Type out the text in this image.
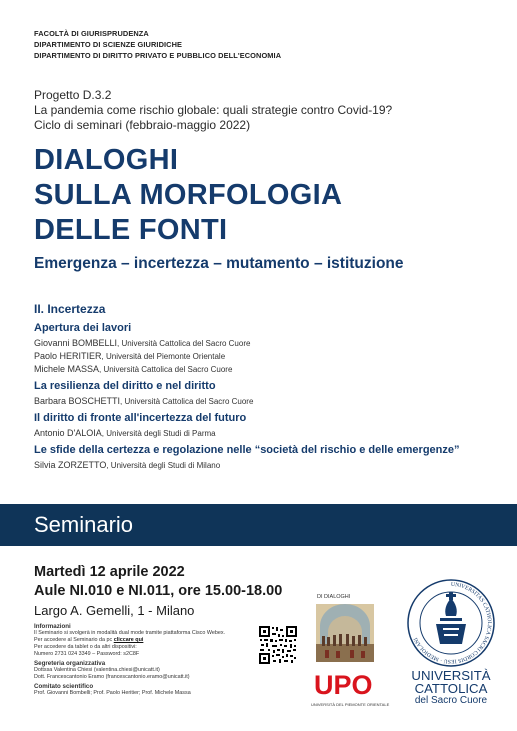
FACOLTÀ DI GIURISPRUDENZA
DIPARTIMENTO DI SCIENZE GIURIDICHE
DIPARTIMENTO DI DIRITTO PRIVATO E PUBBLICO DELL'ECONOMIA
Progetto D.3.2
La pandemia come rischio globale: quali strategie contro Covid-19?
Ciclo di seminari (febbraio-maggio 2022)
DIALOGHI
SULLA MORFOLOGIA
DELLE FONTI
Emergenza – incertezza – mutamento – istituzione
II. Incertezza
Apertura dei lavori
Giovanni BOMBELLI, Università Cattolica del Sacro Cuore
Paolo HERITIER, Università del Piemonte Orientale
Michele MASSA, Università Cattolica del Sacro Cuore
La resilienza del diritto e nel diritto
Barbara BOSCHETTI, Università Cattolica del Sacro Cuore
Il diritto di fronte all'incertezza del futuro
Antonio D'ALOIA, Università degli Studi di Parma
Le sfide della certezza e regolazione nelle “società del rischio e delle emergenze”
Silvia ZORZETTO, Università degli Studi di Milano
Seminario
Martedì 12 aprile 2022
Aule NI.010 e NI.011, ore 15.00-18.00
Largo A. Gemelli, 1 - Milano
Informazioni
Il Seminario si svolgerà in modalità dual mode tramite piattaforma Cisco Webex.
Per accedere al Seminario da pc cliccare qui
Per accedere da tablet o da altri dispositivi:
Numero 2731 024 3349 – Password: s2C8F
Segreteria organizzativa
Dottssa Valentina Chiesi (valentina.chiesi@unicatt.it)
Dott. Francescantonio Eramo (francescantonio.eramo@unicatt.it)
Comitato scientifico
Prof. Giovanni Bombelli; Prof. Paolo Heritier; Prof. Michele Massa
DI DIALOGHI
UPO
UNIVERSITÀ DEL PIEMONTE ORIENTALE
UNIVERSITAS CATHOLICA SACRI CORDIS IESU · MEDIOLANI
UNIVERSITÀ
CATTOLICA
del Sacro Cuore
